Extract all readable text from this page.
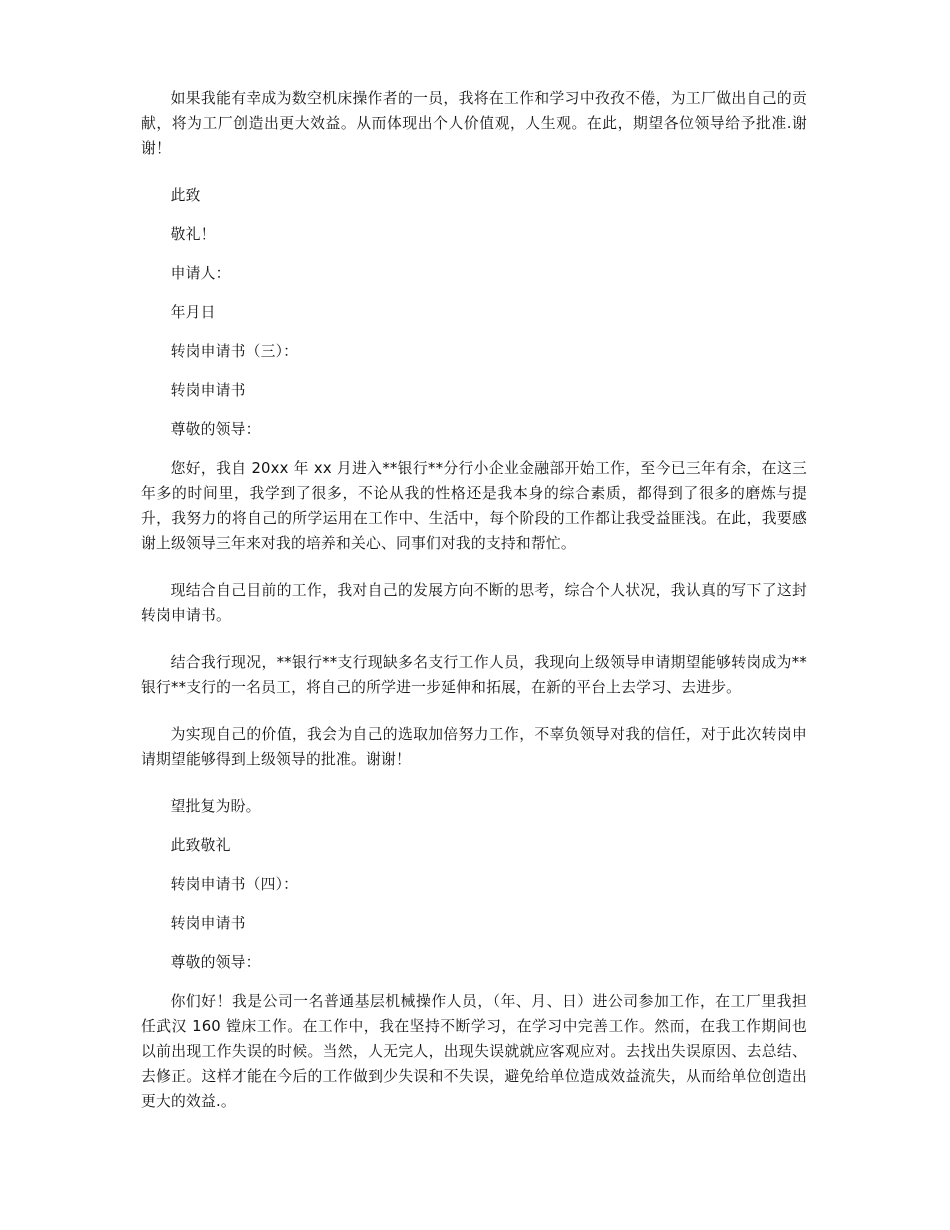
如果我能有幸成为数空机床操作者的一员，我将在工作和学习中孜孜不倦，为工厂做出自己的贡献，将为工厂创造出更大效益。从而体现出个人价值观，人生观。在此，期望各位领导给予批准.谢谢！

此致

敬礼！

申请人：

年月日

转岗申请书（三）：

转岗申请书

尊敬的领导：

您好，我自 20xx 年 xx 月进入**银行**分行小企业金融部开始工作，至今已三年有余，在这三年多的时间里，我学到了很多，不论从我的性格还是我本身的综合素质，都得到了很多的磨炼与提升，我努力的将自己的所学运用在工作中、生活中，每个阶段的工作都让我受益匪浅。在此，我要感谢上级领导三年来对我的培养和关心、同事们对我的支持和帮忙。

现结合自己目前的工作，我对自己的发展方向不断的思考，综合个人状况，我认真的写下了这封转岗申请书。

结合我行现况，**银行**支行现缺多名支行工作人员，我现向上级领导申请期望能够转岗成为**银行**支行的一名员工，将自己的所学进一步延伸和拓展，在新的平台上去学习、去进步。

为实现自己的价值，我会为自己的选取加倍努力工作，不辜负领导对我的信任，对于此次转岗申请期望能够得到上级领导的批准。谢谢！

望批复为盼。

此致敬礼

转岗申请书（四）：

转岗申请书

尊敬的领导：

你们好！我是公司一名普通基层机械操作人员，（年、月、日）进公司参加工作，在工厂里我担任武汉 160 镗床工作。在工作中，我在坚持不断学习，在学习中完善工作。然而，在我工作期间也以前出现工作失误的时候。当然，人无完人，出现失误就就应客观应对。去找出失误原因、去总结、去修正。这样才能在今后的工作做到少失误和不失误，避免给单位造成效益流失，从而给单位创造出更大的效益.。
